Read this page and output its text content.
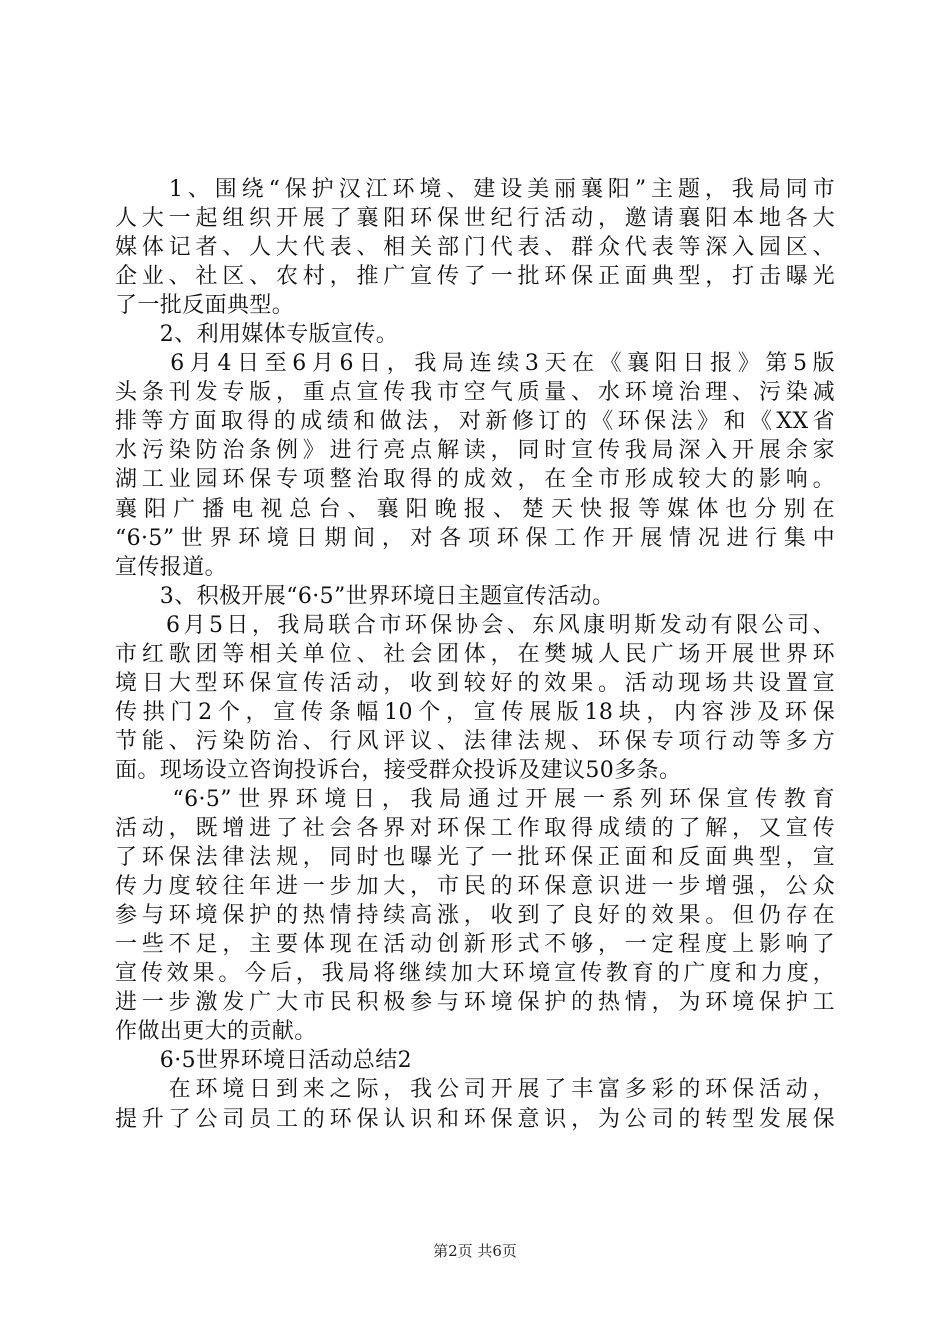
　　1、围绕“保护汉江环境、建设美丽襄阳”主题，我局同市
人大一起组织开展了襄阳环保世纪行活动，邀请襄阳本地各大
媒体记者、人大代表、相关部门代表、群众代表等深入园区、
企业、社区、农村，推广宣传了一批环保正面典型，打击曝光
了一批反面典型。
　　2、利用媒体专版宣传。
　　6月4日至6月6日，我局连续3天在《襄阳日报》第5版
头条刊发专版，重点宣传我市空气质量、水环境治理、污染减
排等方面取得的成绩和做法，对新修订的《环保法》和《XX省
水污染防治条例》进行亮点解读，同时宣传我局深入开展余家
湖工业园环保专项整治取得的成效，在全市形成较大的影响。
襄阳广播电视总台、襄阳晚报、楚天快报等媒体也分别在
“6·5”世界环境日期间，对各项环保工作开展情况进行集中
宣传报道。
　　3、积极开展“6·5”世界环境日主题宣传活动。
　　6月5日，我局联合市环保协会、东风康明斯发动有限公司、
市红歌团等相关单位、社会团体，在樊城人民广场开展世界环
境日大型环保宣传活动，收到较好的效果。活动现场共设置宣
传拱门2个，宣传条幅10个，宣传展版18块，内容涉及环保
节能、污染防治、行风评议、法律法规、环保专项行动等多方
面。现场设立咨询投诉台，接受群众投诉及建议50多条。
　　“6·5”世界环境日，我局通过开展一系列环保宣传教育
活动，既增进了社会各界对环保工作取得成绩的了解，又宣传
了环保法律法规，同时也曝光了一批环保正面和反面典型，宣
传力度较往年进一步加大，市民的环保意识进一步增强，公众
参与环境保护的热情持续高涨，收到了良好的效果。但仍存在
一些不足，主要体现在活动创新形式不够，一定程度上影响了
宣传效果。今后，我局将继续加大环境宣传教育的广度和力度，
进一步激发广大市民积极参与环境保护的热情，为环境保护工
作做出更大的贡献。
　　6·5世界环境日活动总结2
　　在环境日到来之际，我公司开展了丰富多彩的环保活动，
提升了公司员工的环保认识和环保意识，为公司的转型发展保
第2页 共6页
